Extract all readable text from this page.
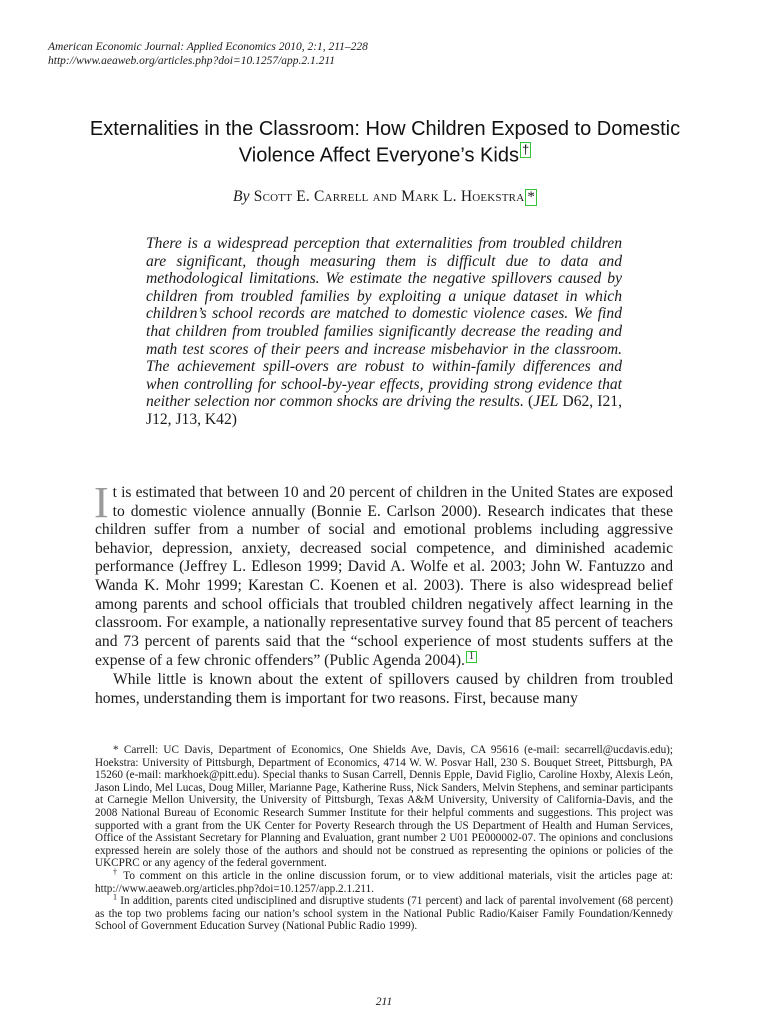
American Economic Journal: Applied Economics 2010, 2:1, 211–228
http://www.aeaweb.org/articles.php?doi=10.1257/app.2.1.211
Externalities in the Classroom: How Children Exposed to Domestic Violence Affect Everyone’s Kids †
By Scott E. Carrell and Mark L. Hoekstra *
There is a widespread perception that externalities from troubled children are significant, though measuring them is difficult due to data and methodological limitations. We estimate the negative spillovers caused by children from troubled families by exploiting a unique dataset in which children’s school records are matched to domestic violence cases. We find that children from troubled families significantly decrease the reading and math test scores of their peers and increase misbehavior in the classroom. The achievement spill-overs are robust to within-family differences and when controlling for school-by-year effects, providing strong evidence that neither selection nor common shocks are driving the results. (JEL D62, I21, J12, J13, K42)

It is estimated that between 10 and 20 percent of children in the United States are exposed to domestic violence annually (Bonnie E. Carlson 2000). Research indicates that these children suffer from a number of social and emotional problems including aggressive behavior, depression, anxiety, decreased social competence, and diminished academic performance (Jeffrey L. Edleson 1999; David A. Wolfe et al. 2003; John W. Fantuzzo and Wanda K. Mohr 1999; Karestan C. Koenen et al. 2003). There is also widespread belief among parents and school officials that troubled children negatively affect learning in the classroom. For example, a nationally representative survey found that 85 percent of teachers and 73 percent of parents said that the “school experience of most students suffers at the expense of a few chronic offenders” (Public Agenda 2004). 1

While little is known about the extent of spillovers caused by children from troubled homes, understanding them is important for two reasons. First, because many

* Carrell: UC Davis, Department of Economics, One Shields Ave, Davis, CA 95616 (e-mail: secarrell@ucdavis.edu); Hoekstra: University of Pittsburgh, Department of Economics, 4714 W. W. Posvar Hall, 230 S. Bouquet Street, Pittsburgh, PA 15260 (e-mail: markhoek@pitt.edu). Special thanks to Susan Carrell, Dennis Epple, David Figlio, Caroline Hoxby, Alexis León, Jason Lindo, Mel Lucas, Doug Miller, Marianne Page, Katherine Russ, Nick Sanders, Melvin Stephens, and seminar participants at Carnegie Mellon University, the University of Pittsburgh, Texas A&M University, University of California-Davis, and the 2008 National Bureau of Economic Research Summer Institute for their helpful comments and suggestions. This project was supported with a grant from the UK Center for Poverty Research through the US Department of Health and Human Services, Office of the Assistant Secretary for Planning and Evaluation, grant number 2 U01 PE000002-07. The opinions and conclusions expressed herein are solely those of the authors and should not be construed as representing the opinions or policies of the UKCPRC or any agency of the federal government.

† To comment on this article in the online discussion forum, or to view additional materials, visit the articles page at: http://www.aeaweb.org/articles.php?doi=10.1257/app.2.1.211.

$^1$ In addition, parents cited undisciplined and disruptive students (71 percent) and lack of parental involvement (68 percent) as the top two problems facing our nation’s school system in the National Public Radio/Kaiser Family Foundation/Kennedy School of Government Education Survey (National Public Radio 1999).

211
